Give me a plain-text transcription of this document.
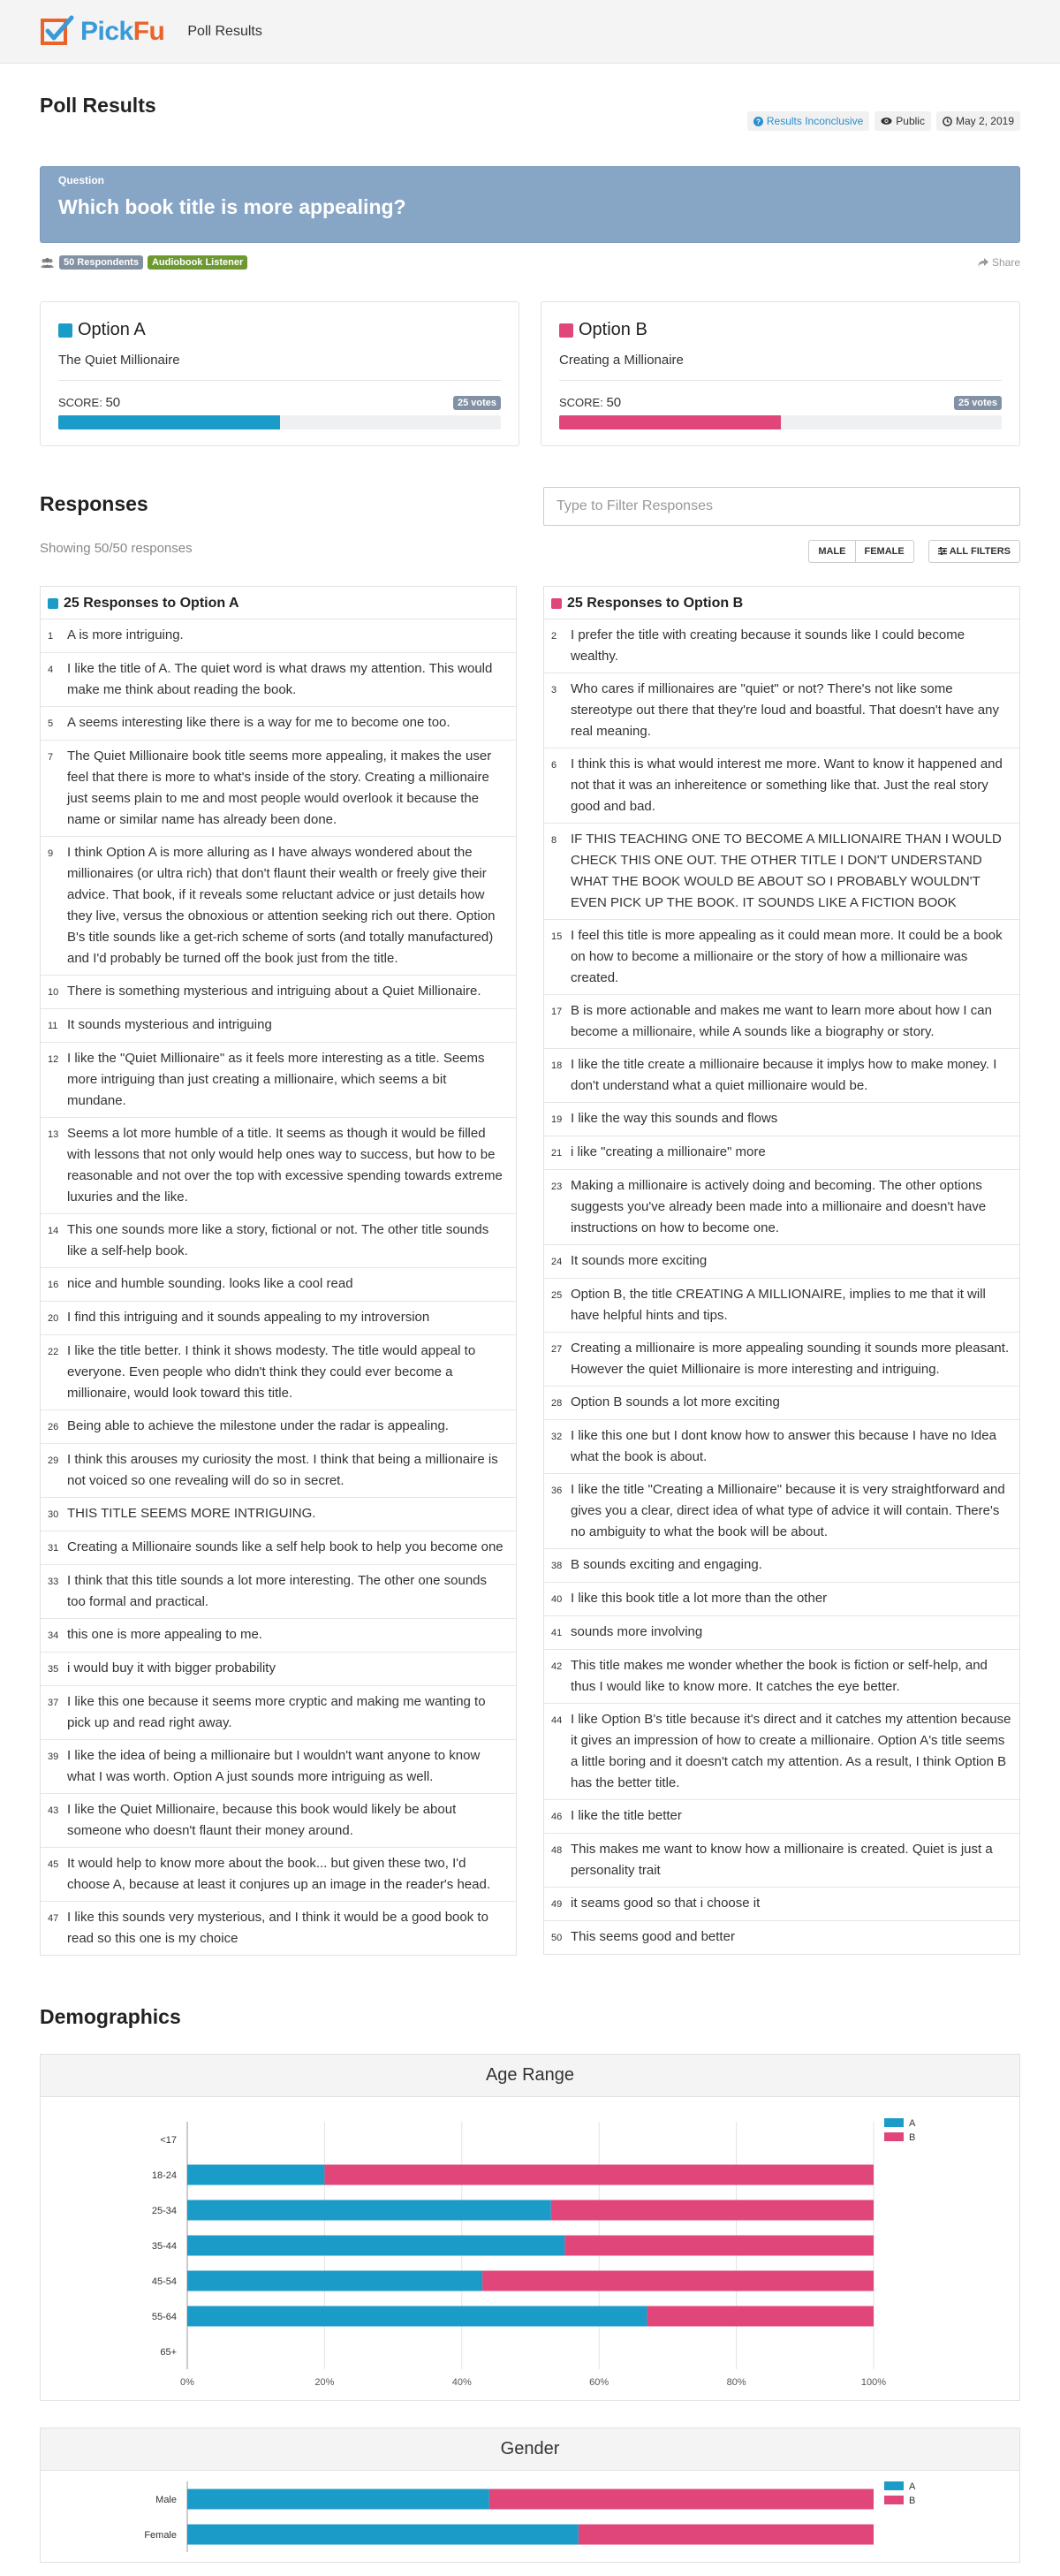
PickFu Poll Results
Poll Results
? Results Inconclusive	Public	May 2, 2019
Question
Which book title is more appealing?
50 Respondents	Audiobook Listener	Share
Option A
The Quiet Millionaire
SCORE: 50	25 votes
Option B
Creating a Millionaire
SCORE: 50	25 votes
Responses
Showing 50/50 responses
Type to Filter Responses	MALE	FEMALE	ALL FILTERS
25 Responses to Option A
1	A is more intriguing.
4	I like the title of A. The quiet word is what draws my attention. This would make me think about reading the book.
5	A seems interesting like there is a way for me to become one too.
7	The Quiet Millionaire book title seems more appealing, it makes the user feel that there is more to what's inside of the story. Creating a millionaire just seems plain to me and most people would overlook it because the name or similar name has already been done.
9	I think Option A is more alluring as I have always wondered about the millionaires (or ultra rich) that don't flaunt their wealth or freely give their advice. That book, if it reveals some reluctant advice or just details how they live, versus the obnoxious or attention seeking rich out there. Option B's title sounds like a get-rich scheme of sorts (and totally manufactured) and I'd probably be turned off the book just from the title.
10 There is something mysterious and intriguing about a Quiet Millionaire.
11 It sounds mysterious and intriguing
12 I like the "Quiet Millionaire" as it feels more interesting as a title. Seems more intriguing than just creating a millionaire, which seems a bit mundane.
13 Seems a lot more humble of a title. It seems as though it would be filled with lessons that not only would help ones way to success, but how to be reasonable and not over the top with excessive spending towards extreme luxuries and the like.
14 This one sounds more like a story, fictional or not. The other title sounds like a self-help book.
16 nice and humble sounding. looks like a cool read
20 I find this intriguing and it sounds appealing to my introversion
22 I like the title better. I think it shows modesty. The title would appeal to everyone. Even people who didn't think they could ever become a millionaire, would look toward this title.
26 Being able to achieve the milestone under the radar is appealing.
29 I think this arouses my curiosity the most. I think that being a millionaire is not voiced so one revealing will do so in secret.
30 THIS TITLE SEEMS MORE INTRIGUING.
31 Creating a Millionaire sounds like a self help book to help you become one
33 I think that this title sounds a lot more interesting. The other one sounds too formal and practical.
34 this one is more appealing to me.
35 i would buy it with bigger probability
37 I like this one because it seems more cryptic and making me wanting to pick up and read right away.
39 I like the idea of being a millionaire but I wouldn't want anyone to know what I was worth. Option A just sounds more intriguing as well.
43 I like the Quiet Millionaire, because this book would likely be about someone who doesn't flaunt their money around.
45 It would help to know more about the book... but given these two, I'd choose A, because at least it conjures up an image in the reader's head.
47 I like this sounds very mysterious, and I think it would be a good book to read so this one is my choice
25 Responses to Option B
2	I prefer the title with creating because it sounds like I could become wealthy.
3	Who cares if millionaires are "quiet" or not? There's not like some stereotype out there that they're loud and boastful. That doesn't have any real meaning.
6	I think this is what would interest me more. Want to know it happened and not that it was an inhereitence or something like that. Just the real story good and bad.
8	IF THIS TEACHING ONE TO BECOME A MILLIONAIRE THAN I WOULD CHECK THIS ONE OUT. THE OTHER TITLE I DON'T UNDERSTAND WHAT THE BOOK WOULD BE ABOUT SO I PROBABLY WOULDN'T EVEN PICK UP THE BOOK. IT SOUNDS LIKE A FICTION BOOK
15 I feel this title is more appealing as it could mean more. It could be a book on how to become a millionaire or the story of how a millionaire was created.
17 B is more actionable and makes me want to learn more about how I can become a millionaire, while A sounds like a biography or story.
18 I like the title create a millionaire because it implys how to make money. I don't understand what a quiet millionaire would be.
19 I like the way this sounds and flows
21 i like "creating a millionaire" more
23 Making a millionaire is actively doing and becoming. The other options suggests you've already been made into a millionaire and doesn't have instructions on how to become one.
24 It sounds more exciting
25 Option B, the title CREATING A MILLIONAIRE, implies to me that it will have helpful hints and tips.
27 Creating a millionaire is more appealing sounding it sounds more pleasant. However the quiet Millionaire is more interesting and intriguing.
28 Option B sounds a lot more exciting
32 I like this one but I dont know how to answer this because I have no Idea what the book is about.
36 I like the title "Creating a Millionaire" because it is very straightforward and gives you a clear, direct idea of what type of advice it will contain. There's no ambiguity to what the book will be about.
38 B sounds exciting and engaging.
40 I like this book title a lot more than the other
41 sounds more involving
42 This title makes me wonder whether the book is fiction or self-help, and thus I would like to know more. It catches the eye better.
44 I like Option B's title because it's direct and it catches my attention because it gives an impression of how to create a millionaire. Option A's title seems a little boring and it doesn't catch my attention. As a result, I think Option B has the better title.
46 I like the title better
48 This makes me want to know how a millionaire is created. Quiet is just a personality trait
49 it seams good so that i choose it
50 This seems good and better
Demographics
Age Range
0%	20%	40%	60%	80%	100%
<17
18-24
25-34
35-44
45-54
55-64
65+
A
B
Gender
Male
Female
A
B
